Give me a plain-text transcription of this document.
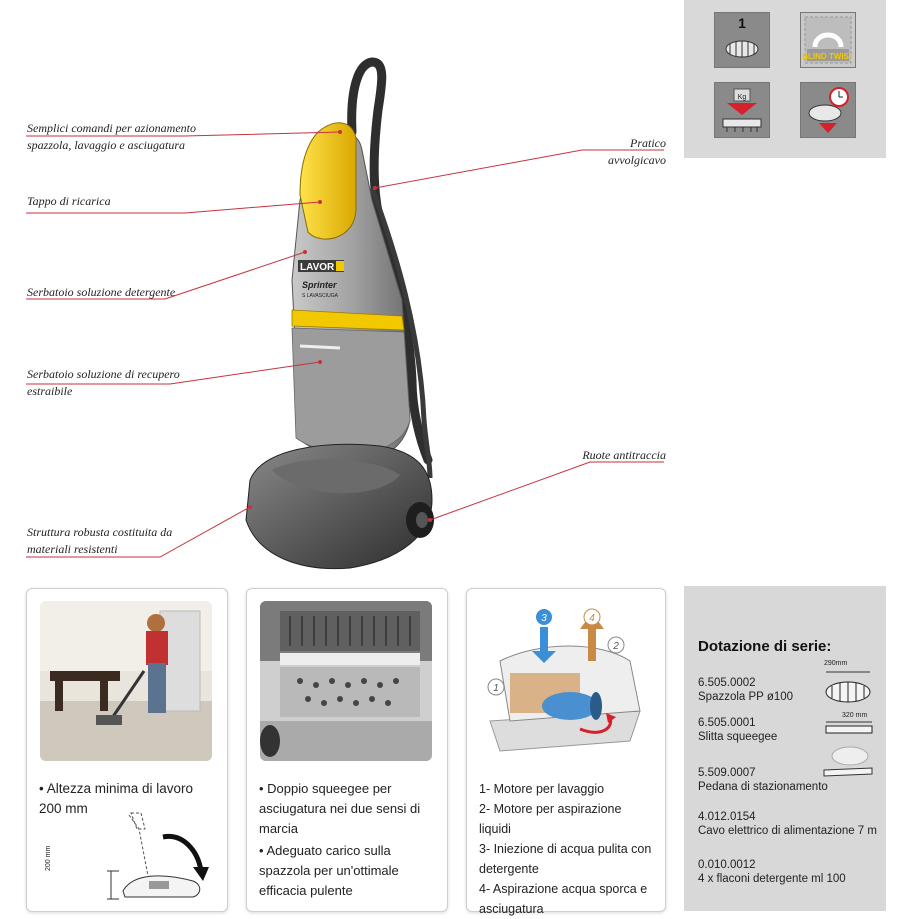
LAVOR
Sprinter
S LAVASCIUGA
Semplici comandi per azionamento spazzola, lavaggio e asciugatura
Tappo di ricarica
Serbatoio soluzione detergente
Serbatoio soluzione di recupero estraibile
Struttura robusta costituita da materiali resistenti
Pratico avvolgicavo
Ruote antitraccia
1
BLIND TWIST
Kg
• Altezza minima di lavoro 200 mm
200 mm
• Doppio squeegee per asciugatura nei due sensi di marcia
• Adeguato carico sulla spazzola per un'ottimale efficacia pulente
3	4
2
1
1- Motore per lavaggio
2- Motore per aspirazione liquidi
3- Iniezione di acqua pulita con detergente
4- Aspirazione acqua sporca e asciugatura
Dotazione di serie:
6.505.0002
Spazzola PP ø100
290mm
6.505.0001
Slitta squeegee
320 mm
5.509.0007
Pedana di stazionamento
4.012.0154
Cavo elettrico di alimentazione 7 m
0.010.0012
4 x flaconi detergente ml 100
